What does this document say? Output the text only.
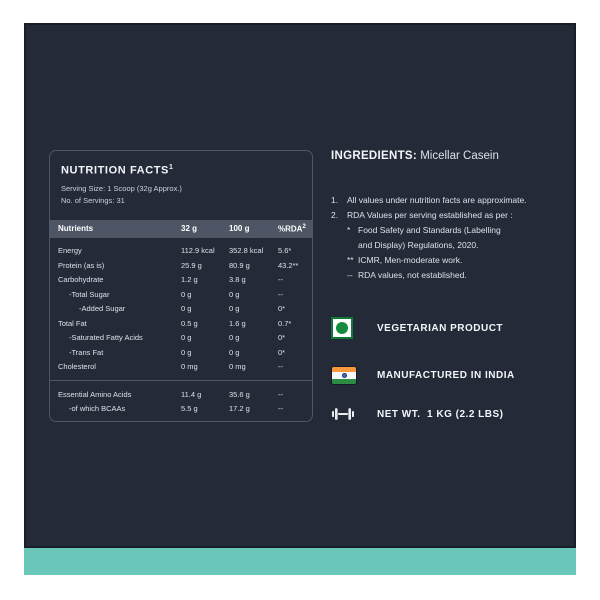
NUTRITION FACTS$^1$
Serving Size: 1 Scoop (32g Approx.)
No. of Servings: 31
Nutrients	32 g	100 g	%RDA$^2$
Energy	112.9 kcal	352.8 kcal	5.6*
Protein (as is)	25.9 g	80.9 g	43.2**
Carbohydrate	1.2 g	3.8 g	--
-Total Sugar	0 g	0 g	--
-Added Sugar	0 g	0 g	0*
Total Fat	0.5 g	1.6 g	0.7*
-Saturated Fatty Acids	0 g	0 g	0*
-Trans Fat	0 g	0 g	0*
Cholesterol	0 mg	0 mg	--
Essential Amino Acids	11.4 g	35.6 g	--
-of which BCAAs	5.5 g	17.2 g	--
INGREDIENTS: Micellar Casein
1.	All values under nutrition facts are approximate.
2.	RDA Values per serving established as per :
* Food Safety and Standards (Labelling
and Display) Regulations, 2020.
** ICMR, Men-moderate work.
-- RDA values, not established.
VEGETARIAN PRODUCT
MANUFACTURED IN INDIA
NET WT.  1 KG (2.2 LBS)
